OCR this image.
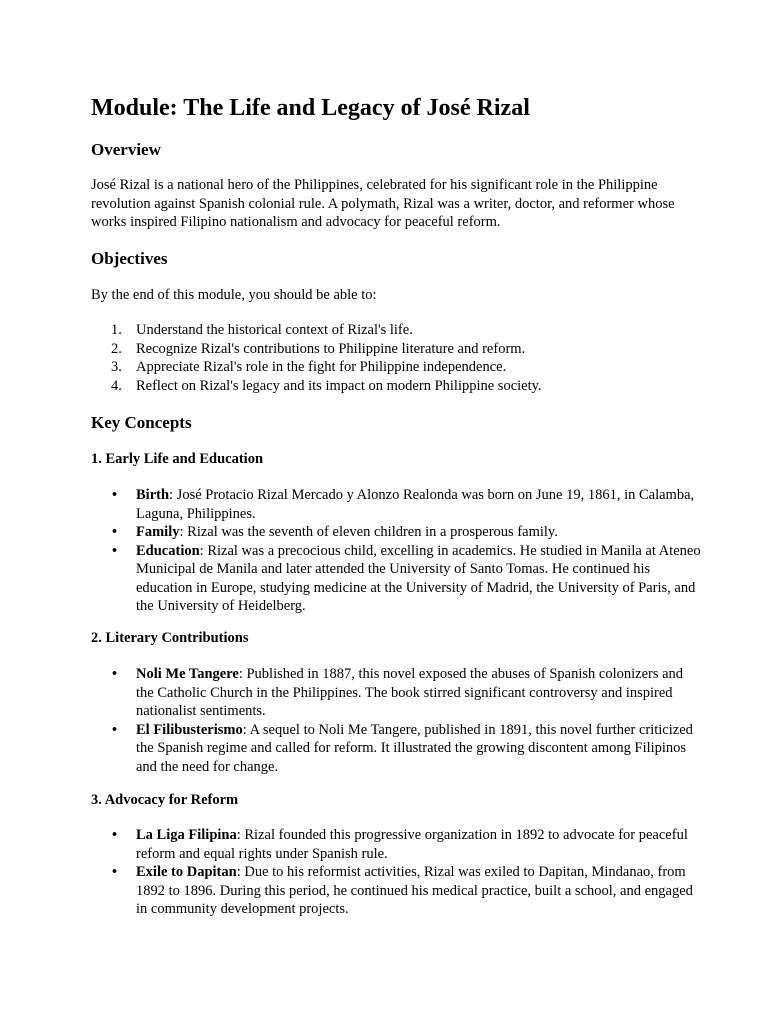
Module: The Life and Legacy of José Rizal
Overview

José Rizal is a national hero of the Philippines, celebrated for his significant role in the Philippine revolution against Spanish colonial rule. A polymath, Rizal was a writer, doctor, and reformer whose works inspired Filipino nationalism and advocacy for peaceful reform.

Objectives

By the end of this module, you should be able to:

1. Understand the historical context of Rizal's life.
2. Recognize Rizal's contributions to Philippine literature and reform.
3. Appreciate Rizal's role in the fight for Philippine independence.
4. Reflect on Rizal's legacy and its impact on modern Philippine society.
Key Concepts
1. Early Life and Education
• Birth: José Protacio Rizal Mercado y Alonzo Realonda was born on June 19, 1861, in Calamba, Laguna, Philippines.
• Family: Rizal was the seventh of eleven children in a prosperous family.
• Education: Rizal was a precocious child, excelling in academics. He studied in Manila at Ateneo Municipal de Manila and later attended the University of Santo Tomas. He continued his education in Europe, studying medicine at the University of Madrid, the University of Paris, and the University of Heidelberg.
2. Literary Contributions
• Noli Me Tangere: Published in 1887, this novel exposed the abuses of Spanish colonizers and the Catholic Church in the Philippines. The book stirred significant controversy and inspired nationalist sentiments.
• El Filibusterismo: A sequel to Noli Me Tangere, published in 1891, this novel further criticized the Spanish regime and called for reform. It illustrated the growing discontent among Filipinos and the need for change.
3. Advocacy for Reform
• La Liga Filipina: Rizal founded this progressive organization in 1892 to advocate for peaceful reform and equal rights under Spanish rule.
• Exile to Dapitan: Due to his reformist activities, Rizal was exiled to Dapitan, Mindanao, from 1892 to 1896. During this period, he continued his medical practice, built a school, and engaged in community development projects.
